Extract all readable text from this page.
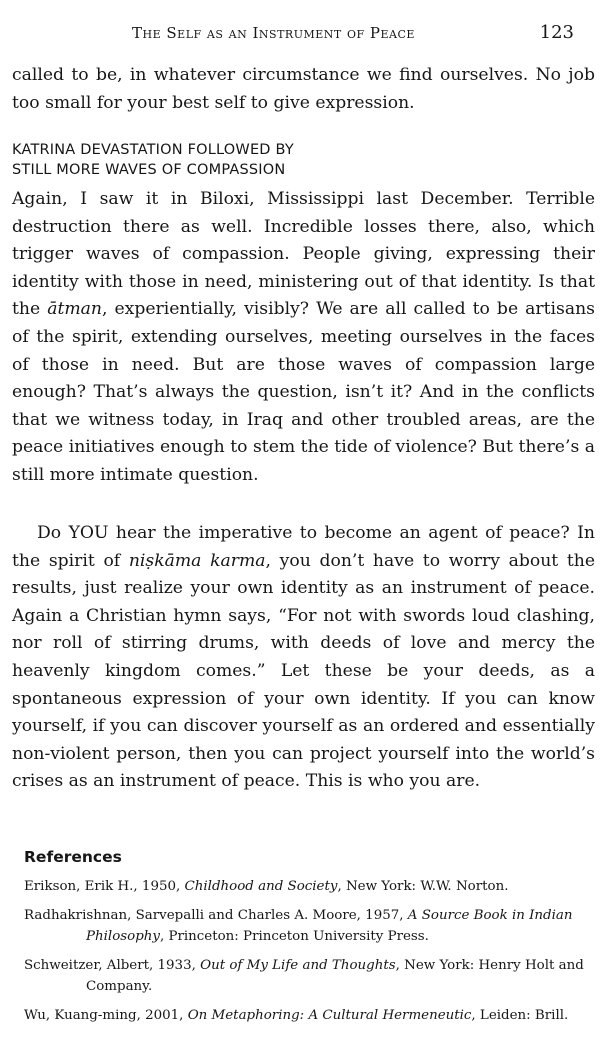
The Self as an Instrument of Peace	123
called to be, in whatever circumstance we find ourselves. No job too small for your best self to give expression.
KATRINA DEVASTATION FOLLOWED BY
STILL MORE WAVES OF COMPASSION
Again, I saw it in Biloxi, Mississippi last December. Terrible destruction there as well. Incredible losses there, also, which trigger waves of compassion. People giving, expressing their identity with those in need, ministering out of that identity. Is that the ātman, experientially, visibly? We are all called to be artisans of the spirit, extending ourselves, meeting ourselves in the faces of those in need. But are those waves of compassion large enough? That’s always the question, isn’t it? And in the conflicts that we witness today, in Iraq and other troubled areas, are the peace initiatives enough to stem the tide of violence? But there’s a still more intimate question.
Do YOU hear the imperative to become an agent of peace? In the spirit of niṣkāma karma, you don’t have to worry about the results, just realize your own identity as an instrument of peace. Again a Christian hymn says, “For not with swords loud clashing, nor roll of stirring drums, with deeds of love and mercy the heavenly kingdom comes.” Let these be your deeds, as a spontaneous expression of your own identity. If you can know yourself, if you can discover yourself as an ordered and essentially non-violent person, then you can project yourself into the world’s crises as an instrument of peace. This is who you are.
References
Erikson, Erik H., 1950, Childhood and Society, New York: W.W. Norton.
Radhakrishnan, Sarvepalli and Charles A. Moore, 1957, A Source Book in Indian Philosophy, Princeton: Princeton University Press.
Schweitzer, Albert, 1933, Out of My Life and Thoughts, New York: Henry Holt and Company.
Wu, Kuang-ming, 2001, On Metaphoring: A Cultural Hermeneutic, Leiden: Brill.
